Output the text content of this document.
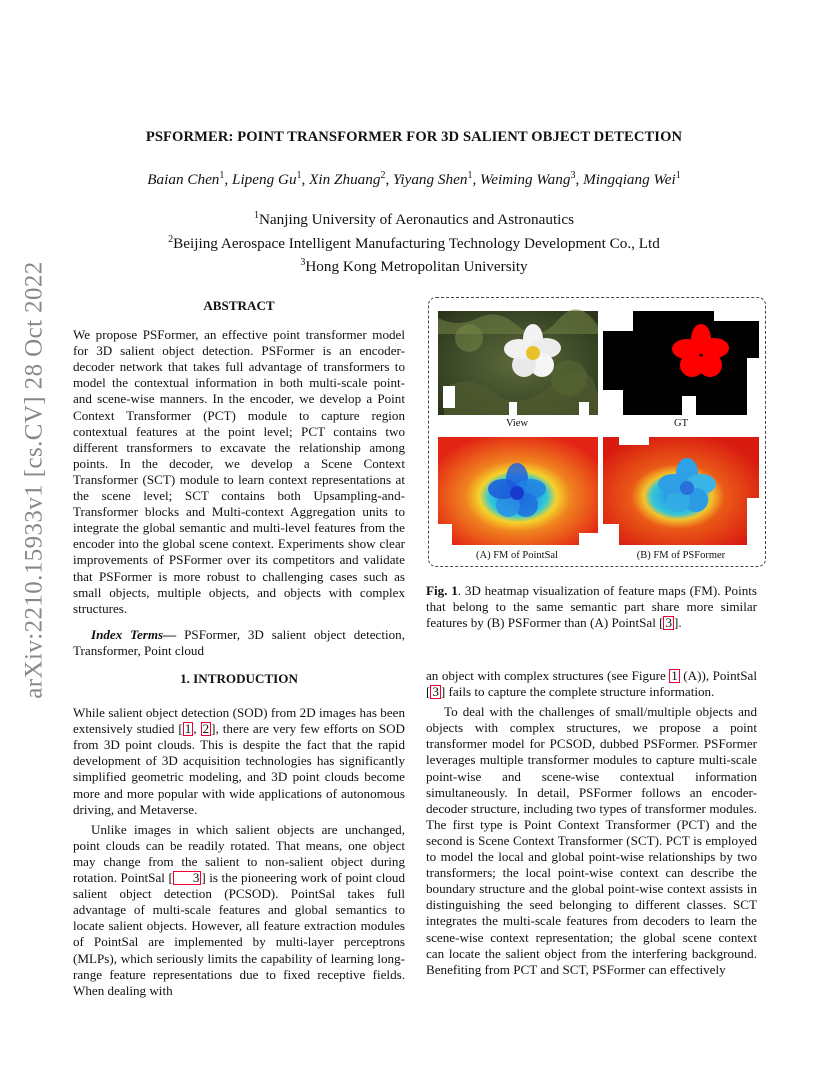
arXiv:2210.15933v1 [cs.CV] 28 Oct 2022
PSFORMER: POINT TRANSFORMER FOR 3D SALIENT OBJECT DETECTION
Baian Chen$^1$, Lipeng Gu$^1$, Xin Zhuang$^2$, Yiyang Shen$^1$, Weiming Wang$^3$, Mingqiang Wei$^1$
$^1$Nanjing University of Aeronautics and Astronautics
$^2$Beijing Aerospace Intelligent Manufacturing Technology Development Co., Ltd
$^3$Hong Kong Metropolitan University
ABSTRACT

We propose PSFormer, an effective point transformer model for 3D salient object detection. PSFormer is an encoder-decoder network that takes full advantage of transformers to model the contextual information in both multi-scale point- and scene-wise manners. In the encoder, we develop a Point Context Transformer (PCT) module to capture region contextual features at the point level; PCT contains two different transformers to excavate the relationship among points. In the decoder, we develop a Scene Context Transformer (SCT) module to learn context representations at the scene level; SCT contains both Upsampling-and-Transformer blocks and Multi-context Aggregation units to integrate the global semantic and multi-level features from the encoder into the global scene context. Experiments show clear improvements of PSFormer over its competitors and validate that PSFormer is more robust to challenging cases such as small objects, multiple objects, and objects with complex structures.

Index Terms— PSFormer, 3D salient object detection, Transformer, Point cloud

1. INTRODUCTION

While salient object detection (SOD) from 2D images has been extensively studied [ 1 , 2 ], there are very few efforts on SOD from 3D point clouds. This is despite the fact that the rapid development of 3D acquisition technologies has significantly simplified geometric modeling, and 3D point clouds become more and more popular with wide applications of autonomous driving, and Metaverse.

Unlike images in which salient objects are unchanged, point clouds can be readily rotated. That means, one object may change from the salient to non-salient object during rotation. PointSal [ 3 ] is the pioneering work of point cloud salient object detection (PCSOD). PointSal takes full advantage of multi-scale features and global semantics to locate salient objects. However, all feature extraction modules of PointSal are implemented by multi-layer perceptrons (MLPs), which seriously limits the capability of learning long-range feature representations due to fixed receptive fields. When dealing with

View	GT
(A) FM of PointSal	(B) FM of PSFormer
Fig. 1. 3D heatmap visualization of feature maps (FM). Points that belong to the same semantic part share more similar features by (B) PSFormer than (A) PointSal [ 3 ].

an object with complex structures (see Figure 1 (A)), PointSal [ 3 ] fails to capture the complete structure information.

To deal with the challenges of small/multiple objects and objects with complex structures, we propose a point transformer model for PCSOD, dubbed PSFormer. PSFormer leverages multiple transformer modules to capture multi-scale point-wise and scene-wise contextual information simultaneously. In detail, PSFormer follows an encoder-decoder structure, including two types of transformer modules. The first type is Point Context Transformer (PCT) and the second is Scene Context Transformer (SCT). PCT is employed to model the local and global point-wise relationships by two transformers; the local point-wise context can describe the boundary structure and the global point-wise context assists in distinguishing the seed belonging to different classes. SCT integrates the multi-scale features from decoders to learn the scene-wise context representation; the global scene context can locate the salient object from the interfering background. Benefiting from PCT and SCT, PSFormer can effectively
